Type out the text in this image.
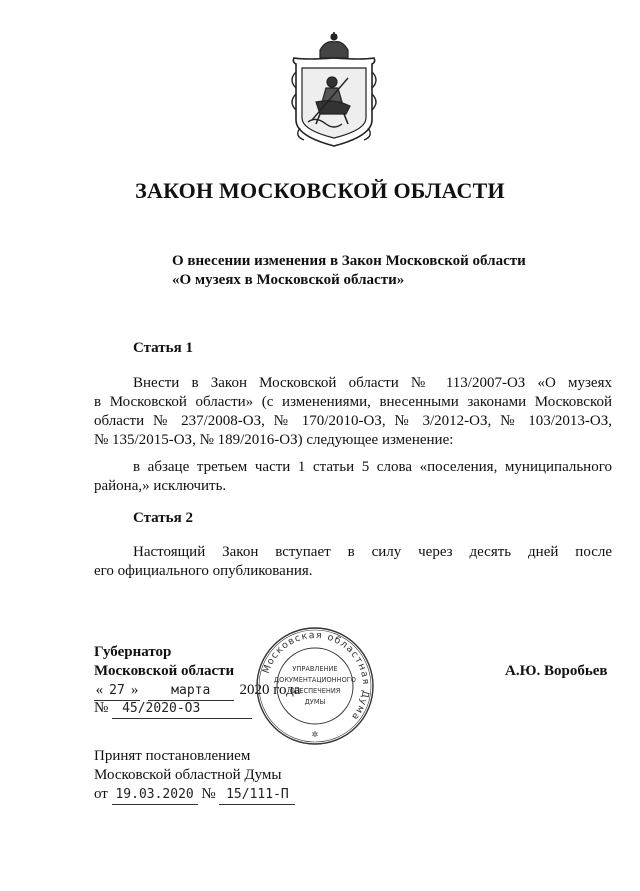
ЗАКОН МОСКОВСКОЙ ОБЛАСТИ
О внесении изменения в Закон Московской области
«О музеях в Московской области»
Статья 1
Внести в Закон Московской области № 113/2007-ОЗ «О музеях
в Московской области» (с изменениями, внесенными законами Московской
области № 237/2008-ОЗ, № 170/2010-ОЗ, № 3/2012-ОЗ, № 103/2013-ОЗ,
№ 135/2015-ОЗ, № 189/2016-ОЗ) следующее изменение:
в абзаце третьем части 1 статьи 5 слова «поселения, муниципального
района,» исключить.
Статья 2
Настоящий Закон вступает в силу через десять дней после
его официального опубликования.
Губернатор
Московской области	А.Ю. Воробьев
« 27 »	марта 2020 года
№ 45/2020-ОЗ
Московская областная Дума
УПРАВЛЕНИЕ
ДОКУМЕНТАЦИОННОГО
ОБЕСПЕЧЕНИЯ
ДУМЫ
✲
Принят постановлением
Московской областной Думы
от 19.03.2020 № 15/111-П
